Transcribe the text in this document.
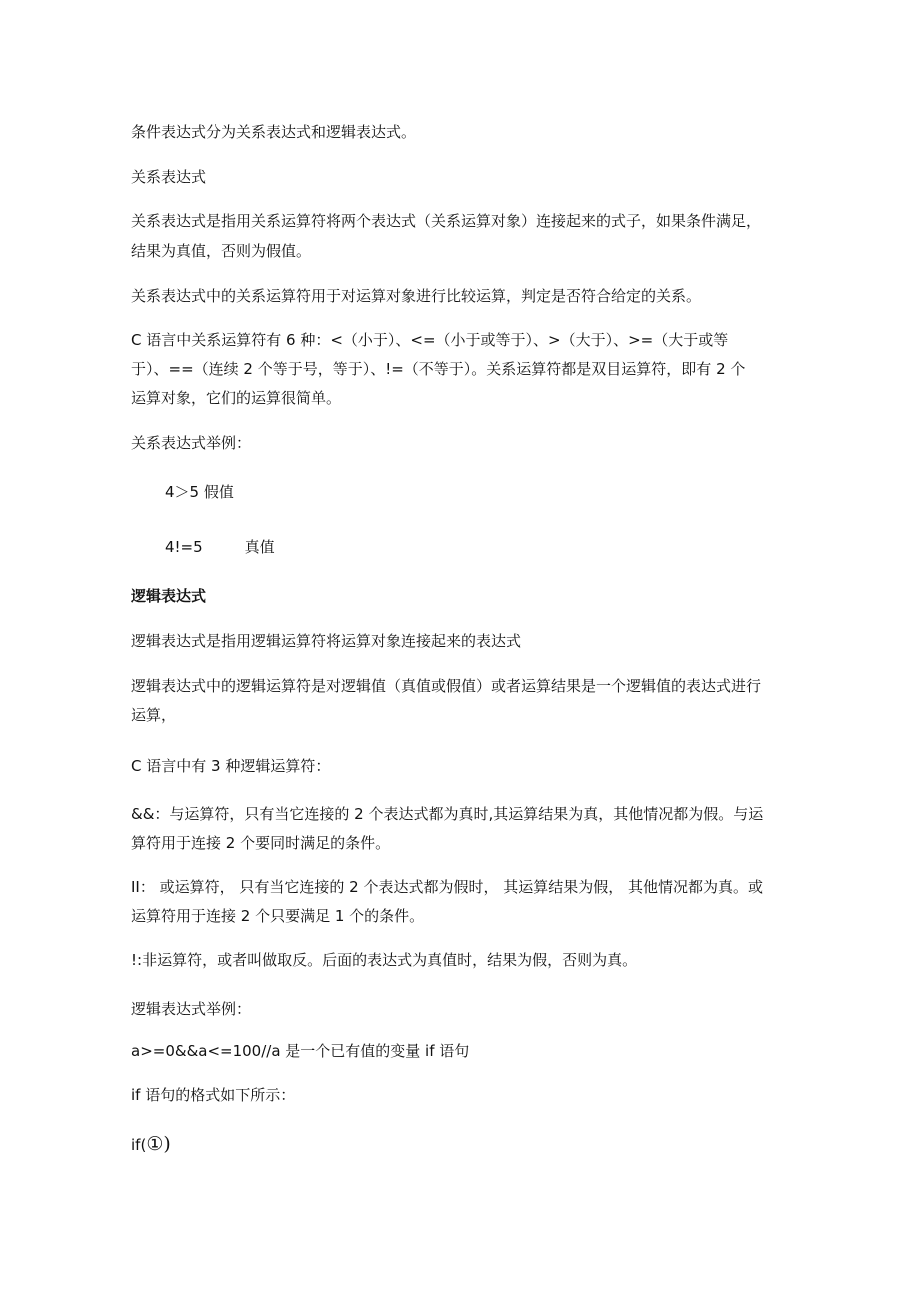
条件表达式分为关系表达式和逻辑表达式。
关系表达式
关系表达式是指用关系运算符将两个表达式（关系运算对象）连接起来的式子，如果条件满足，
结果为真值，否则为假值。
关系表达式中的关系运算符用于对运算对象进行比较运算，判定是否符合给定的关系。
C 语言中关系运算符有 6 种：<（小于）、<=（小于或等于）、>（大于）、>=（大于或等
于）、==（连续 2 个等于号，等于）、!=（不等于）。关系运算符都是双目运算符，即有 2 个
运算对象，它们的运算很简单。
关系表达式举例：
4＞5 假值
4!=5	真值
逻辑表达式
逻辑表达式是指用逻辑运算符将运算对象连接起来的表达式
逻辑表达式中的逻辑运算符是对逻辑值（真值或假值）或者运算结果是一个逻辑值的表达式进行
运算，
C 语言中有 3 种逻辑运算符：
&&：与运算符，只有当它连接的 2 个表达式都为真时,其运算结果为真，其他情况都为假。与运
算符用于连接 2 个要同时满足的条件。
II： 或运算符， 只有当它连接的 2 个表达式都为假时， 其运算结果为假， 其他情况都为真。或
运算符用于连接 2 个只要满足 1 个的条件。
!:非运算符，或者叫做取反。后面的表达式为真值时，结果为假，否则为真。
逻辑表达式举例：
a>=0&&a<=100//a 是一个已有值的变量 if 语句
if 语句的格式如下所示：
if(①)
